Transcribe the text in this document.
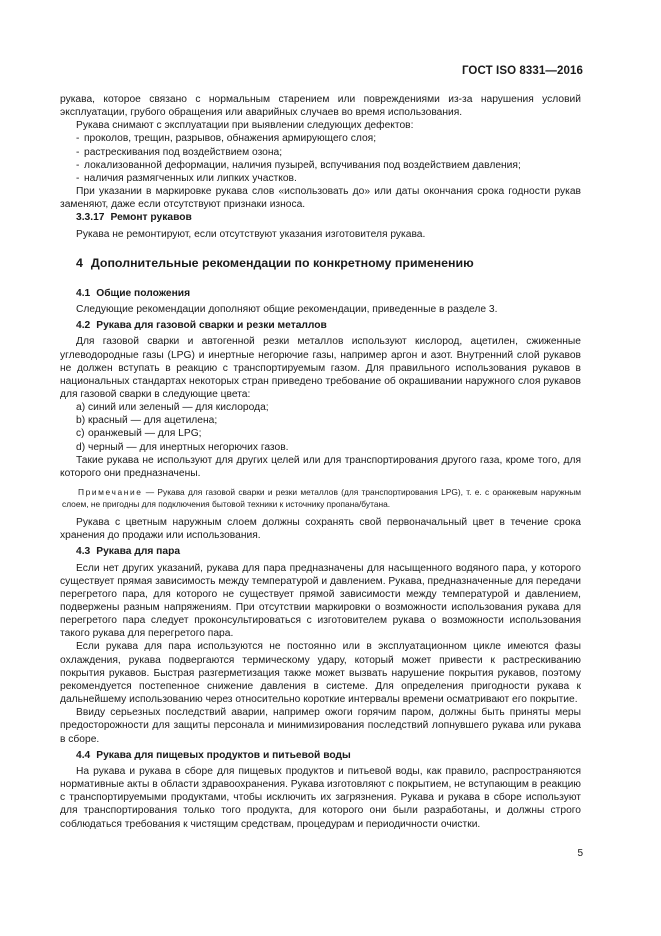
ГОСТ ISO 8331—2016

рукава, которое связано с нормальным старением или повреждениями из-за нарушения условий эксплуатации, грубого обращения или аварийных случаев во время использования.

Рукава снимают с эксплуатации при выявлении следующих дефектов:

- проколов, трещин, разрывов, обнажения армирующего слоя;
- растрескивания под воздействием озона;
- локализованной деформации, наличия пузырей, вспучивания под воздействием давления;
- наличия размягченных или липких участков.

При указании в маркировке рукава слов «использовать до» или даты окончания срока годности рукав заменяют, даже если отсутствуют признаки износа.

3.3.17 Ремонт рукавов

Рукава не ремонтируют, если отсутствуют указания изготовителя рукава.

4 Дополнительные рекомендации по конкретному применению

4.1 Общие положения

Следующие рекомендации дополняют общие рекомендации, приведенные в разделе 3.

4.2 Рукава для газовой сварки и резки металлов

Для газовой сварки и автогенной резки металлов используют кислород, ацетилен, сжиженные углеводородные газы (LPG) и инертные негорючие газы, например аргон и азот. Внутренний слой рукавов не должен вступать в реакцию с транспортируемым газом. Для правильного использования рукавов в национальных стандартах некоторых стран приведено требование об окрашивании наружного слоя рукавов для газовой сварки в следующие цвета:

a) синий или зеленый — для кислорода;
b) красный — для ацетилена;
c) оранжевый — для LPG;
d) черный — для инертных негорючих газов.

Такие рукава не используют для других целей или для транспортирования другого газа, кроме того, для которого они предназначены.

Примечание — Рукава для газовой сварки и резки металлов (для транспортирования LPG), т. е. с оранжевым наружным слоем, не пригодны для подключения бытовой техники к источнику пропана/бутана.

Рукава с цветным наружным слоем должны сохранять свой первоначальный цвет в течение срока хранения до продажи или использования.

4.3 Рукава для пара

Если нет других указаний, рукава для пара предназначены для насыщенного водяного пара, у которого существует прямая зависимость между температурой и давлением. Рукава, предназначенные для передачи перегретого пара, для которого не существует прямой зависимости между температурой и давлением, подвержены разным напряжениям. При отсутствии маркировки о возможности использования рукава для перегретого пара следует проконсультироваться с изготовителем рукава о возможности использования такого рукава для перегретого пара.

Если рукава для пара используются не постоянно или в эксплуатационном цикле имеются фазы охлаждения, рукава подвергаются термическому удару, который может привести к растрескиванию покрытия рукавов. Быстрая разгерметизация также может вызвать нарушение покрытия рукавов, поэтому рекомендуется постепенное снижение давления в системе. Для определения пригодности рукава к дальнейшему использованию через относительно короткие интервалы времени осматривают его покрытие.

Ввиду серьезных последствий аварии, например ожоги горячим паром, должны быть приняты меры предосторожности для защиты персонала и минимизирования последствий лопнувшего рукава или рукава в сборе.

4.4 Рукава для пищевых продуктов и питьевой воды

На рукава и рукава в сборе для пищевых продуктов и питьевой воды, как правило, распространяются нормативные акты в области здравоохранения. Рукава изготовляют с покрытием, не вступающим в реакцию с транспортируемыми продуктами, чтобы исключить их загрязнения. Рукава и рукава в сборе используют для транспортирования только того продукта, для которого они были разработаны, и должны строго соблюдаться требования к чистящим средствам, процедурам и периодичности очистки.

5
